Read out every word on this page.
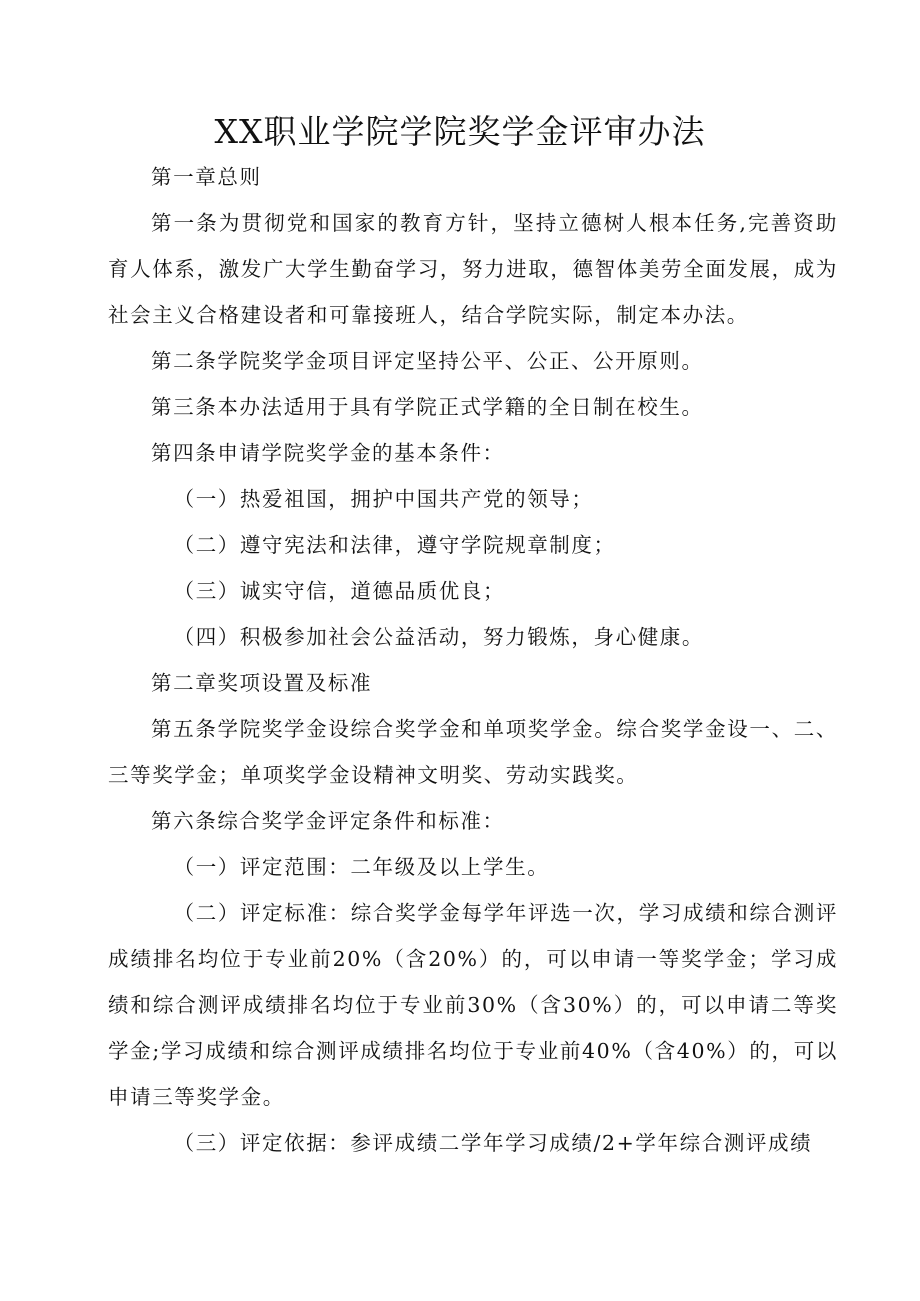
XX职业学院学院奖学金评审办法

第一章总则

第一条为贯彻党和国家的教育方针，坚持立德树人根本任务,完善资助育人体系，激发广大学生勤奋学习，努力进取，德智体美劳全面发展，成为社会主义合格建设者和可靠接班人，结合学院实际，制定本办法。

第二条学院奖学金项目评定坚持公平、公正、公开原则。

第三条本办法适用于具有学院正式学籍的全日制在校生。

第四条申请学院奖学金的基本条件：

（一）热爱祖国，拥护中国共产党的领导；

（二）遵守宪法和法律，遵守学院规章制度；

（三）诚实守信，道德品质优良；

（四）积极参加社会公益活动，努力锻炼，身心健康。

第二章奖项设置及标准

第五条学院奖学金设综合奖学金和单项奖学金。综合奖学金设一、二、三等奖学金；单项奖学金设精神文明奖、劳动实践奖。

第六条综合奖学金评定条件和标准：

（一）评定范围：二年级及以上学生。

（二）评定标准：综合奖学金每学年评选一次，学习成绩和综合测评成绩排名均位于专业前20%（含20%）的，可以申请一等奖学金；学习成绩和综合测评成绩排名均位于专业前30%（含30%）的，可以申请二等奖学金;学习成绩和综合测评成绩排名均位于专业前40%（含40%）的，可以申请三等奖学金。

（三）评定依据：参评成绩二学年学习成绩/2+学年综合测评成绩
